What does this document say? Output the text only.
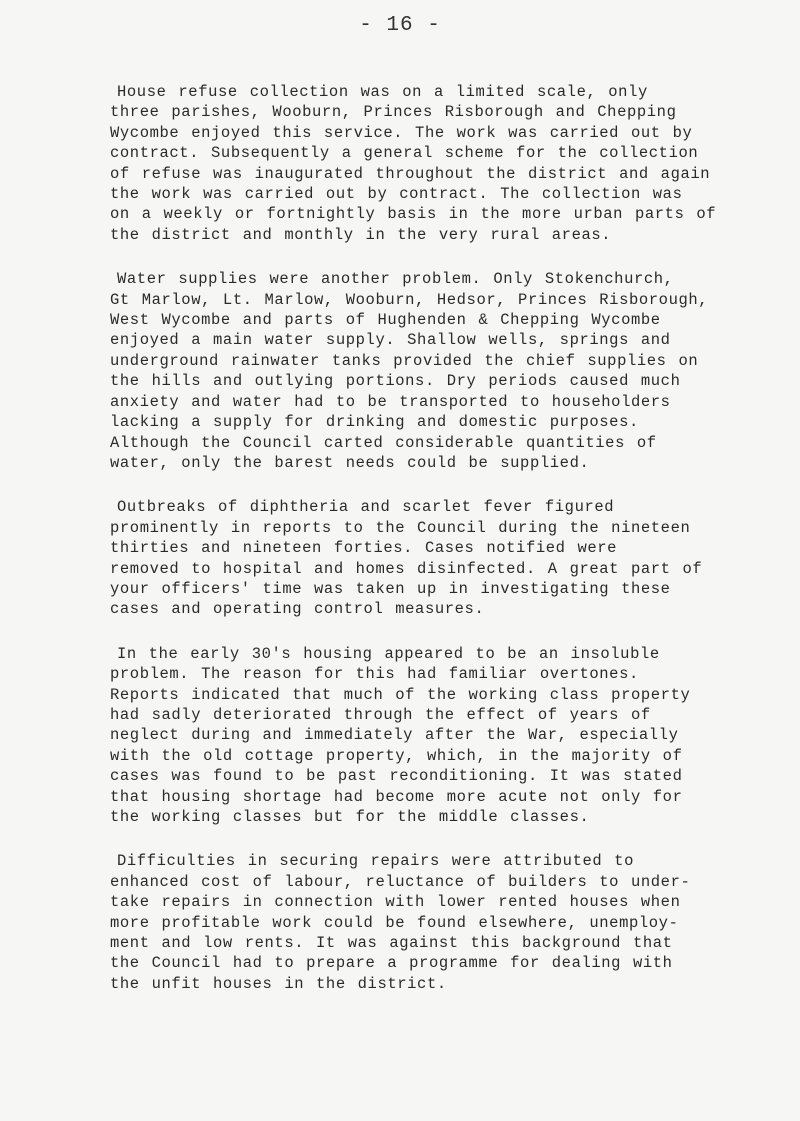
- 16 -
House refuse collection was on a limited scale, only
three parishes, Wooburn, Princes Risborough and Chepping
Wycombe enjoyed this service. The work was carried out by
contract. Subsequently a general scheme for the collection
of refuse was inaugurated throughout the district and again
the work was carried out by contract. The collection was
on a weekly or fortnightly basis in the more urban parts of
the district and monthly in the very rural areas.
Water supplies were another problem. Only Stokenchurch,
Gt Marlow, Lt. Marlow, Wooburn, Hedsor, Princes Risborough,
West Wycombe and parts of Hughenden & Chepping Wycombe
enjoyed a main water supply. Shallow wells, springs and
underground rainwater tanks provided the chief supplies on
the hills and outlying portions. Dry periods caused much
anxiety and water had to be transported to householders
lacking a supply for drinking and domestic purposes.
Although the Council carted considerable quantities of
water, only the barest needs could be supplied.
Outbreaks of diphtheria and scarlet fever figured
prominently in reports to the Council during the nineteen
thirties and nineteen forties. Cases notified were
removed to hospital and homes disinfected. A great part of
your officers' time was taken up in investigating these
cases and operating control measures.
In the early 30's housing appeared to be an insoluble
problem. The reason for this had familiar overtones.
Reports indicated that much of the working class property
had sadly deteriorated through the effect of years of
neglect during and immediately after the War, especially
with the old cottage property, which, in the majority of
cases was found to be past reconditioning. It was stated
that housing shortage had become more acute not only for
the working classes but for the middle classes.
Difficulties in securing repairs were attributed to
enhanced cost of labour, reluctance of builders to under-
take repairs in connection with lower rented houses when
more profitable work could be found elsewhere, unemploy-
ment and low rents. It was against this background that
the Council had to prepare a programme for dealing with
the unfit houses in the district.
